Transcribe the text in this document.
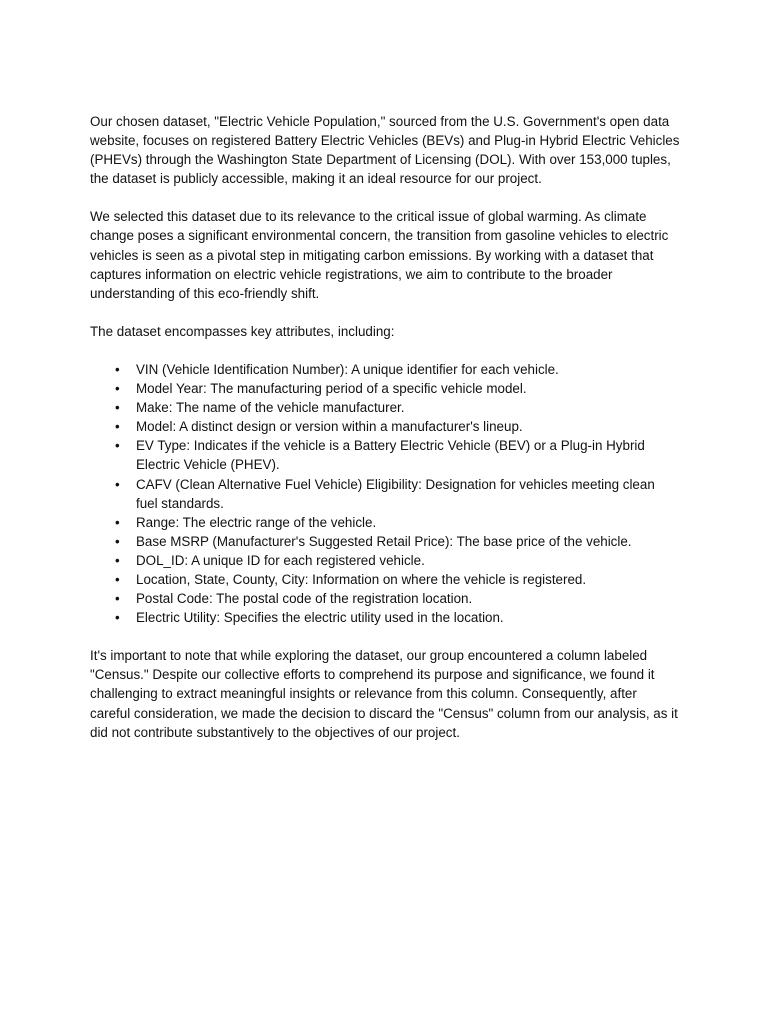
Our chosen dataset, "Electric Vehicle Population," sourced from the U.S. Government's open data website, focuses on registered Battery Electric Vehicles (BEVs) and Plug-in Hybrid Electric Vehicles (PHEVs) through the Washington State Department of Licensing (DOL). With over 153,000 tuples, the dataset is publicly accessible, making it an ideal resource for our project.

We selected this dataset due to its relevance to the critical issue of global warming. As climate change poses a significant environmental concern, the transition from gasoline vehicles to electric vehicles is seen as a pivotal step in mitigating carbon emissions. By working with a dataset that captures information on electric vehicle registrations, we aim to contribute to the broader understanding of this eco-friendly shift.

The dataset encompasses key attributes, including:

• VIN (Vehicle Identification Number): A unique identifier for each vehicle.
• Model Year: The manufacturing period of a specific vehicle model.
• Make: The name of the vehicle manufacturer.
• Model: A distinct design or version within a manufacturer's lineup.
• EV Type: Indicates if the vehicle is a Battery Electric Vehicle (BEV) or a Plug-in Hybrid Electric Vehicle (PHEV).
• CAFV (Clean Alternative Fuel Vehicle) Eligibility: Designation for vehicles meeting clean fuel standards.
• Range: The electric range of the vehicle.
• Base MSRP (Manufacturer's Suggested Retail Price): The base price of the vehicle.
• DOL_ID: A unique ID for each registered vehicle.
• Location, State, County, City: Information on where the vehicle is registered.
• Postal Code: The postal code of the registration location.
• Electric Utility: Specifies the electric utility used in the location.

It's important to note that while exploring the dataset, our group encountered a column labeled "Census." Despite our collective efforts to comprehend its purpose and significance, we found it challenging to extract meaningful insights or relevance from this column. Consequently, after careful consideration, we made the decision to discard the "Census" column from our analysis, as it did not contribute substantively to the objectives of our project.
